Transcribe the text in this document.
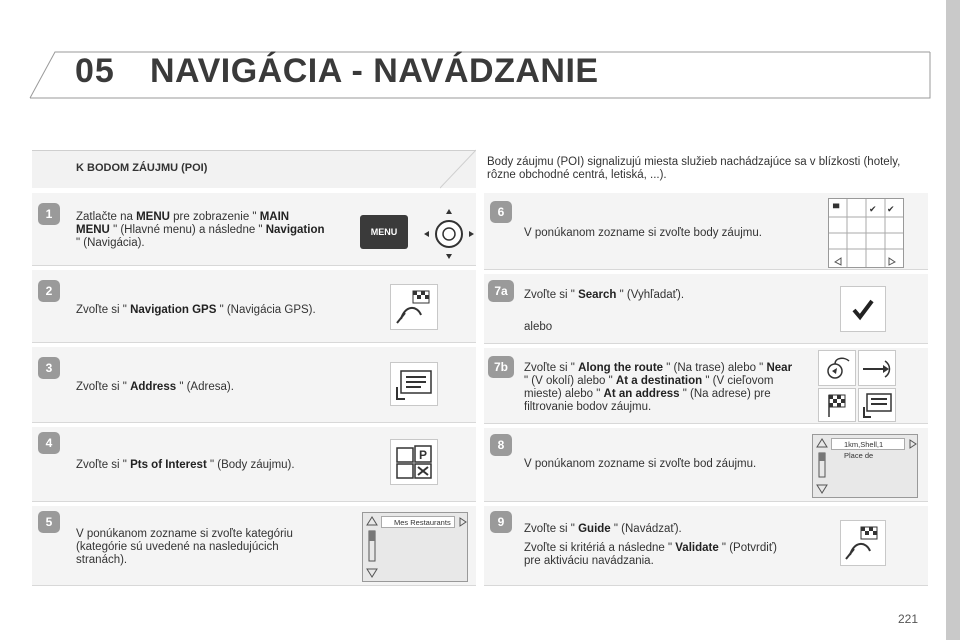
05 NAVIGÁCIA - NAVÁDZANIE
K BODOM ZÁUJMU (POI)	Body záujmu (POI) signalizujú miesta služieb nachádzajúce sa v blízkosti (hotely, rôzne obchodné centrá, letiská, ...).
1	Zatlačte na MENU pre zobrazenie " MAIN MENU " (Hlavné menu) a následne " Navigation " (Navigácia).
MENU
2
Zvoľte si " Navigation GPS " (Navigácia GPS).
3
Zvoľte si " Address " (Adresa).
4
Zvoľte si " Pts of Interest " (Body záujmu).
P
5
V ponúkanom zozname si zvoľte kategóriu (kategórie sú uvedené na nasledujúcich stranách).
Mes Restaurants
6
V ponúkanom zozname si zvoľte body záujmu.
▀	✔ ✔
7a	Zvoľte si " Search " (Vyhľadať).
alebo
7b	Zvoľte si " Along the route " (Na trase) alebo " Near " (V okolí) alebo " At a destination " (V cieľovom mieste) alebo " At an address " (Na adrese) pre filtrovanie bodov záujmu.
8
V ponúkanom zozname si zvoľte bod záujmu.
1km,Shell,1 Place de
9	Zvoľte si " Guide " (Navádzať).
Zvoľte si kritériá a následne " Validate " (Potvrdiť) pre aktiváciu navádzania.
221
